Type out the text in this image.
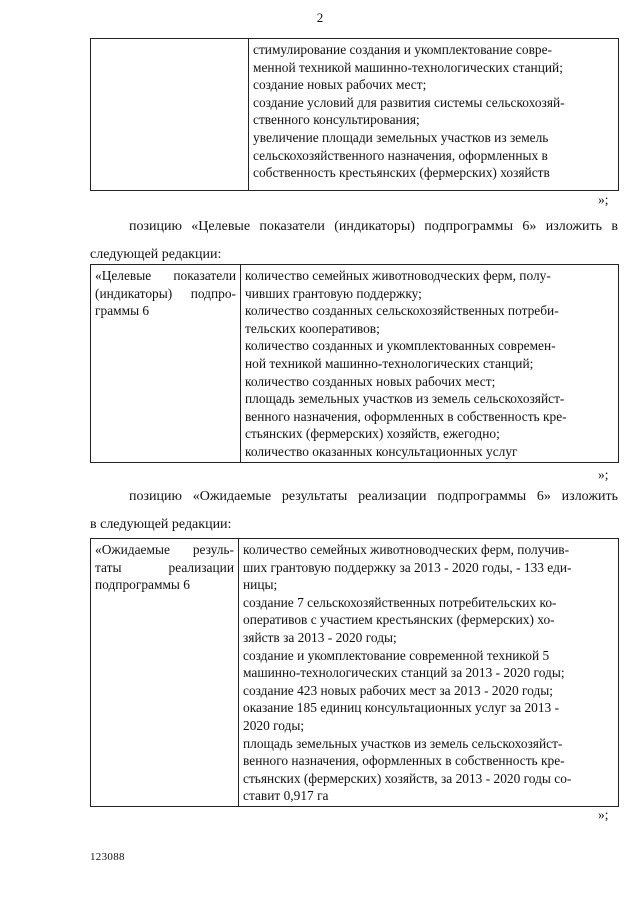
2

стимулирование создания и укомплектование совре-
менной техникой машинно-технологических станций;
создание новых рабочих мест;
создание условий для развития системы сельскохозяй-
ственного консультирования;
увеличение площади земельных участков из земель
сельскохозяйственного назначения, оформленных в
собственность крестьянских (фермерских) хозяйств
»;
позицию «Целевые показатели (индикаторы) подпрограммы 6» изложить в
следующей редакции:
«Целевые показатели
(индикаторы) подпро-
граммы 6

количество семейных животноводческих ферм, полу-
чивших грантовую поддержку;
количество созданных сельскохозяйственных потреби-
тельских кооперативов;
количество созданных и укомплектованных современ-
ной техникой машинно-технологических станций;
количество созданных новых рабочих мест;
площадь земельных участков из земель сельскохозяйст-
венного назначения, оформленных в собственность кре-
стьянских (фермерских) хозяйств, ежегодно;
количество оказанных консультационных услуг
»;
позицию «Ожидаемые результаты реализации подпрограммы 6» изложить
в следующей редакции:
«Ожидаемые резуль-
таты реализации
подпрограммы 6

количество семейных животноводческих ферм, получив-
ших грантовую поддержку за 2013 - 2020 годы, - 133 еди-
ницы;
создание 7 сельскохозяйственных потребительских ко-
оперативов с участием крестьянских (фермерских) хо-
зяйств за 2013 - 2020 годы;
создание и укомплектование современной техникой 5
машинно-технологических станций за 2013 - 2020 годы;
создание 423 новых рабочих мест за 2013 - 2020 годы;
оказание 185 единиц консультационных услуг за 2013 -
2020 годы;
площадь земельных участков из земель сельскохозяйст-
венного назначения, оформленных в собственность кре-
стьянских (фермерских) хозяйств, за 2013 - 2020 годы со-
ставит 0,917 га
»;
123088
